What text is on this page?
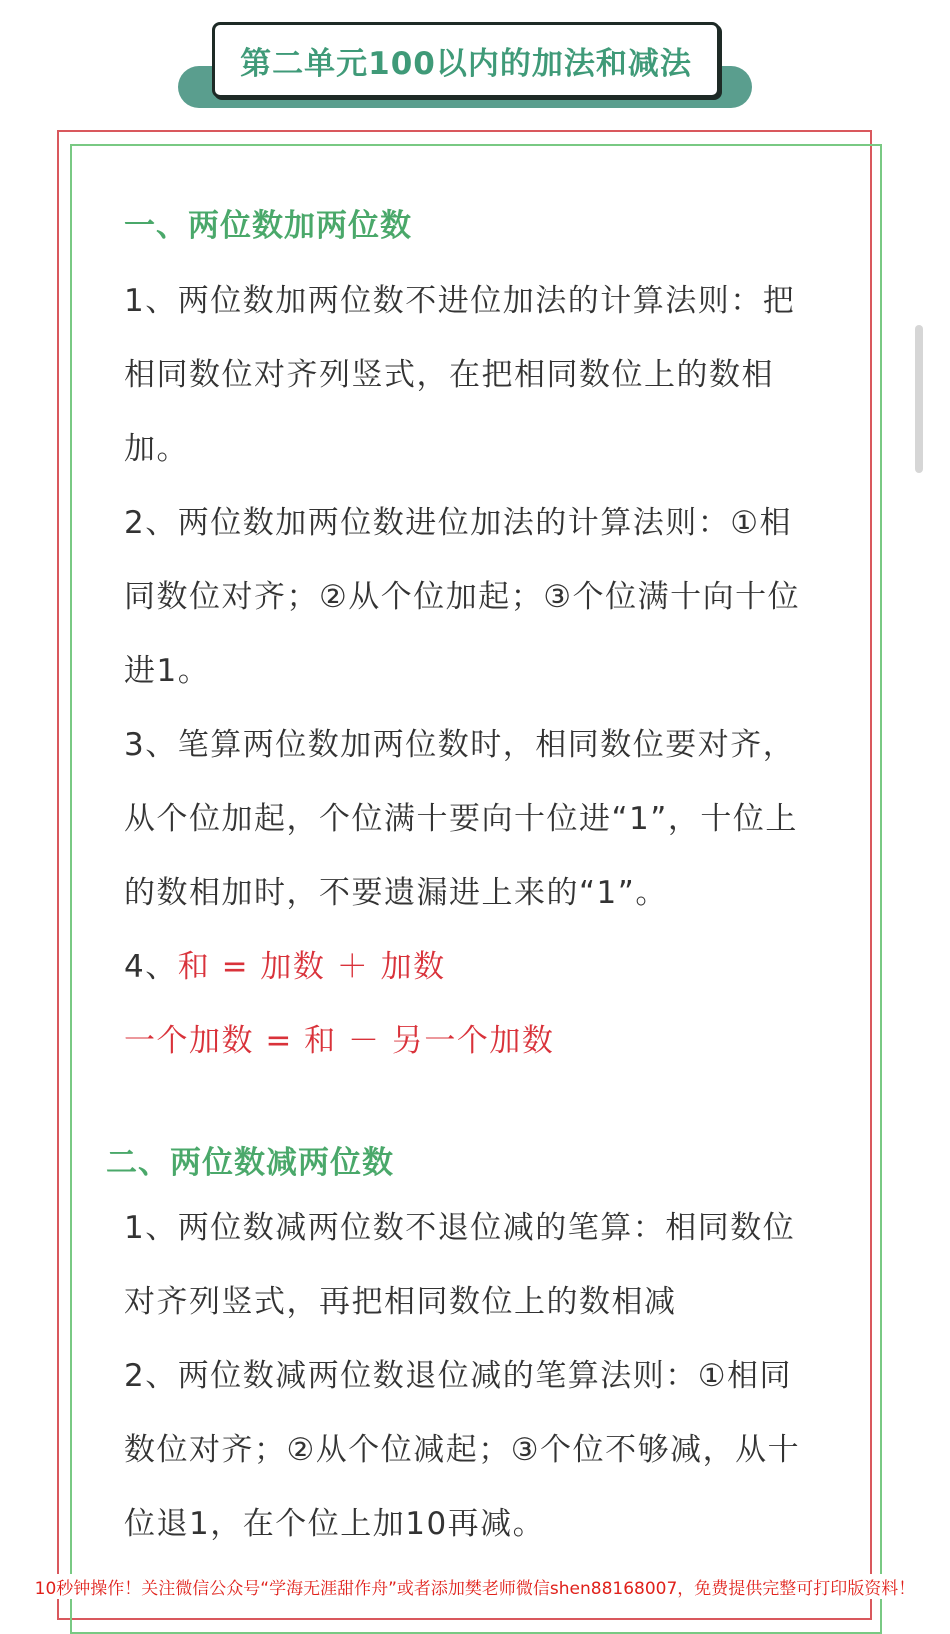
第二单元100以内的加法和减法
一、两位数加两位数
1、两位数加两位数不进位加法的计算法则：把
相同数位对齐列竖式，在把相同数位上的数相
加。
2、两位数加两位数进位加法的计算法则：①相
同数位对齐；②从个位加起；③个位满十向十位
进1。
3、笔算两位数加两位数时，相同数位要对齐，
从个位加起，个位满十要向十位进“1”，十位上
的数相加时，不要遗漏进上来的“1”。
4、和 = 加数 ＋ 加数
一个加数 = 和 － 另一个加数
二、两位数减两位数
1、两位数减两位数不退位减的笔算：相同数位
对齐列竖式，再把相同数位上的数相减
2、两位数减两位数退位减的笔算法则：①相同
数位对齐；②从个位减起；③个位不够减，从十
位退1，在个位上加10再减。
10秒钟操作！关注微信公众号“学海无涯甜作舟”或者添加樊老师微信shen88168007，免费提供完整可打印版资料！
